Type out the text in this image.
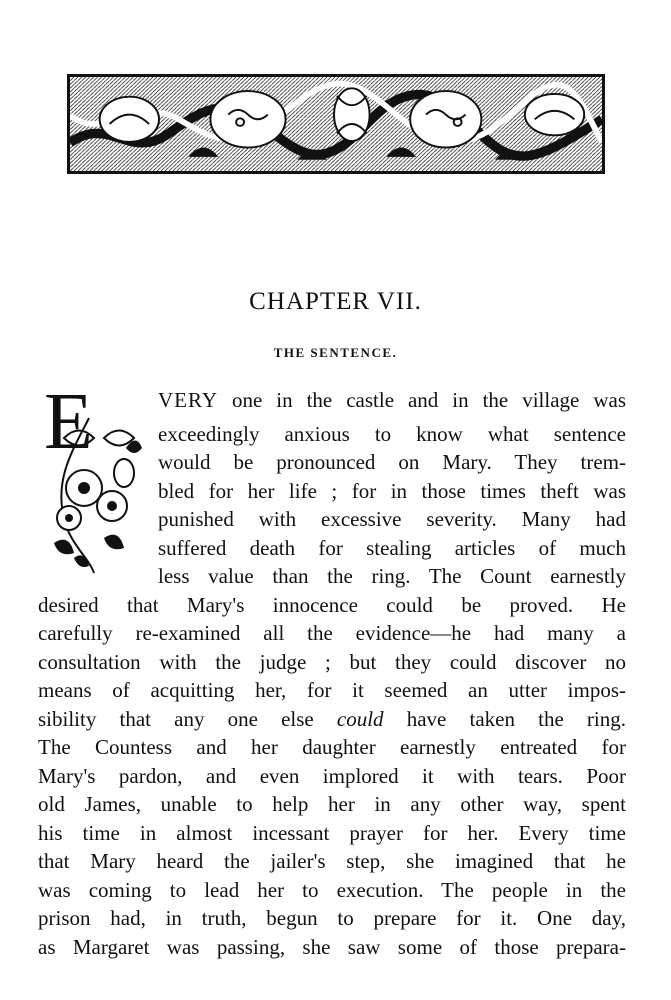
CHAPTER VII.
THE SENTENCE.
E	VERY one in the castle and in the village was
exceedingly anxious to know what sentence
would be pronounced on Mary. They trem-
bled for her life ; for in those times theft was
punished with excessive severity. Many had
suffered death for stealing articles of much
less value than the ring. The Count earnestly
desired that Mary's innocence could be proved. He
carefully re-examined all the evidence—he had many a
consultation with the judge ; but they could discover no
means of acquitting her, for it seemed an utter impos-
sibility that any one else could have taken the ring.
The Countess and her daughter earnestly entreated for
Mary's pardon, and even implored it with tears. Poor
old James, unable to help her in any other way, spent
his time in almost incessant prayer for her. Every time
that Mary heard the jailer's step, she imagined that he
was coming to lead her to execution. The people in the
prison had, in truth, begun to prepare for it. One day,
as Margaret was passing, she saw some of those prepara-
